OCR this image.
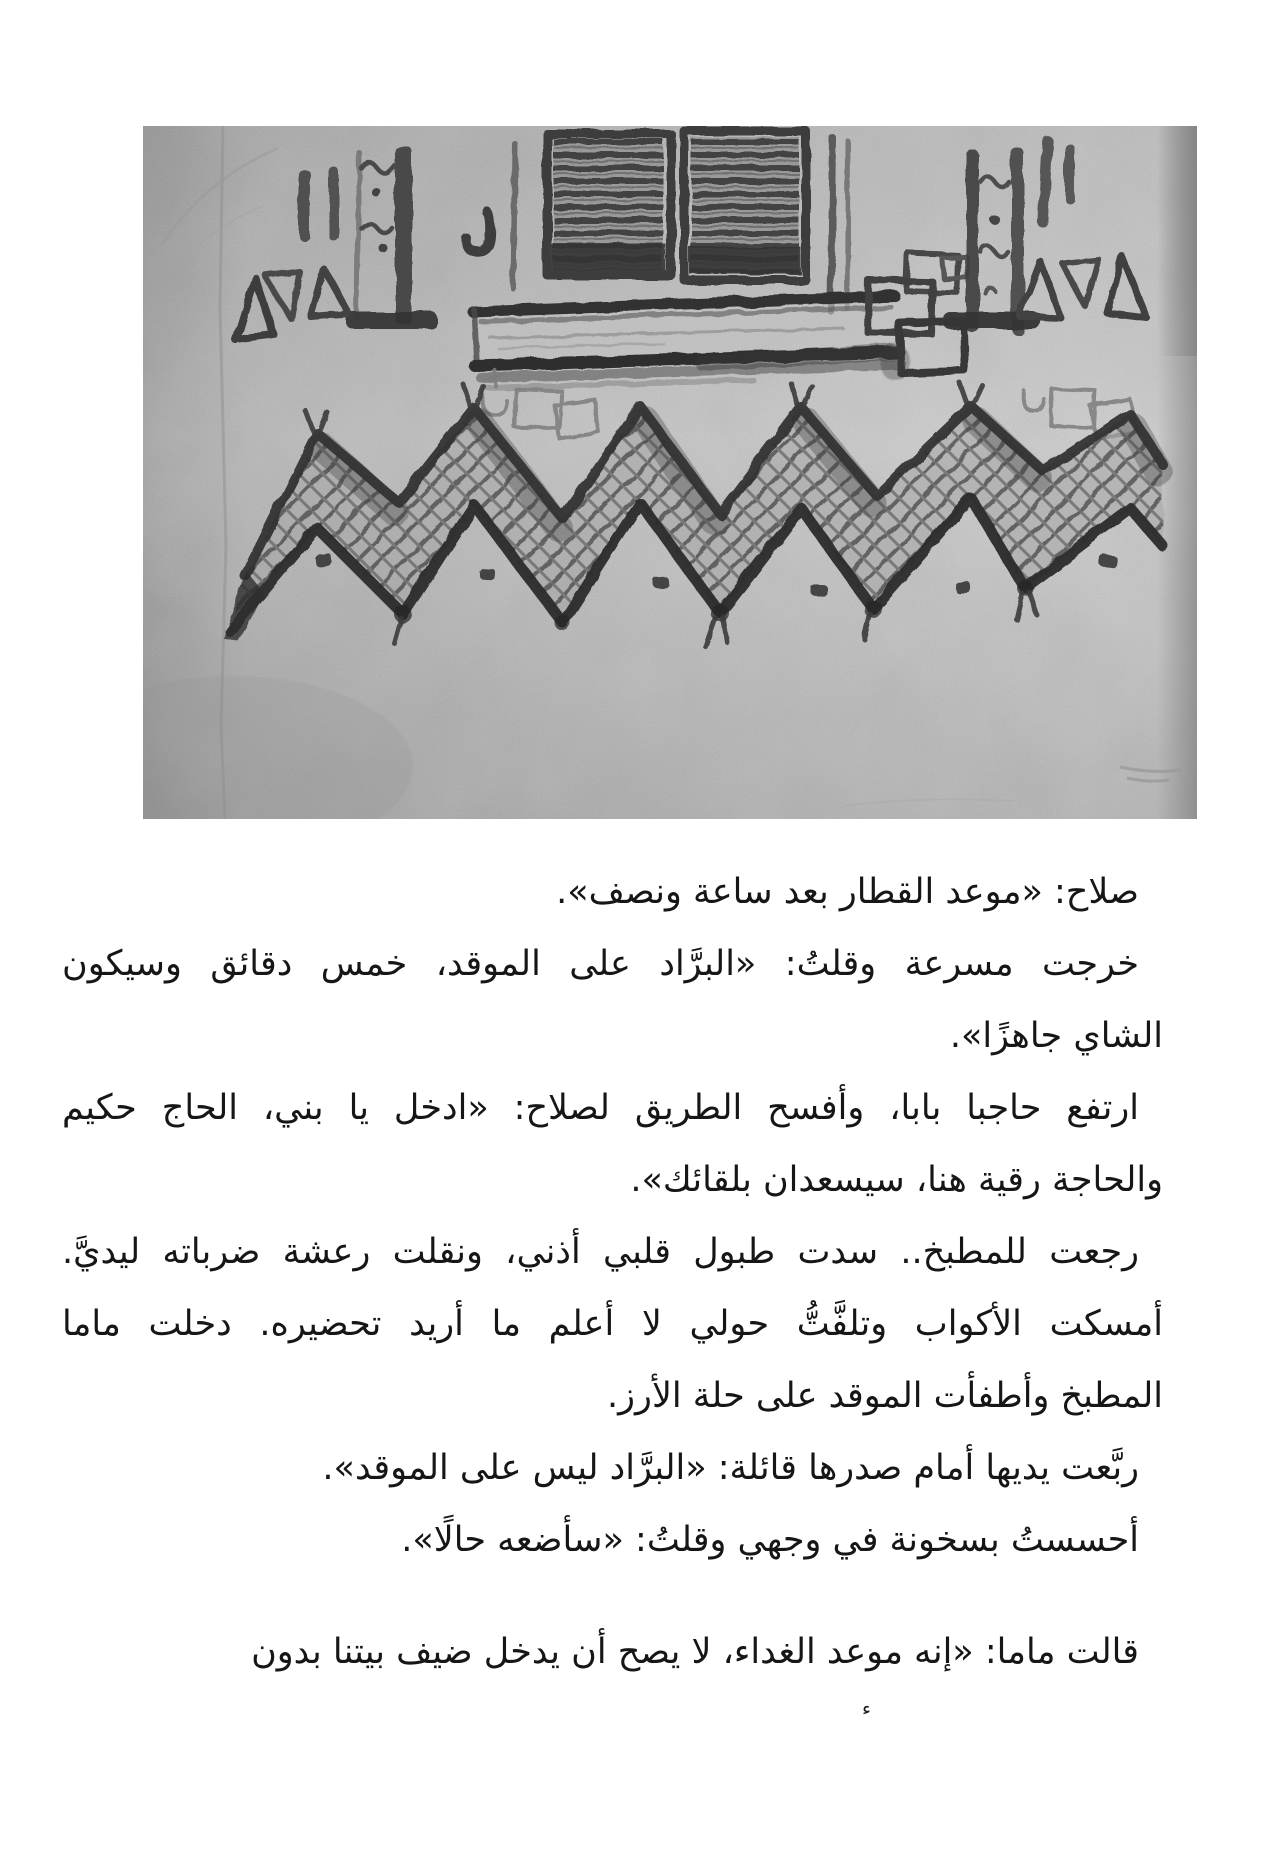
صلاح: «موعد القطار بعد ساعة ونصف».
خرجت مسرعة وقلتُ: «البرَّاد على الموقد، خمس دقائق وسيكون
الشاي جاهزًا».
ارتفع حاجبا بابا، وأفسح الطريق لصلاح: «ادخل يا بني، الحاج حكيم
والحاجة رقية هنا، سيسعدان بلقائك».
رجعت للمطبخ.. سدت طبول قلبي أذني، ونقلت رعشة ضرباته ليديَّ.
أمسكت الأكواب وتلفَّتُّ حولي لا أعلم ما أريد تحضيره. دخلت ماما
المطبخ وأطفأت الموقد على حلة الأرز.
ربَّعت يديها أمام صدرها قائلة: «البرَّاد ليس على الموقد».
أحسستُ بسخونة في وجهي وقلتُ: «سأضعه حالًا».
قالت ماما: «إنه موعد الغداء، لا يصح أن يدخل ضيف بيتنا بدون
ء
